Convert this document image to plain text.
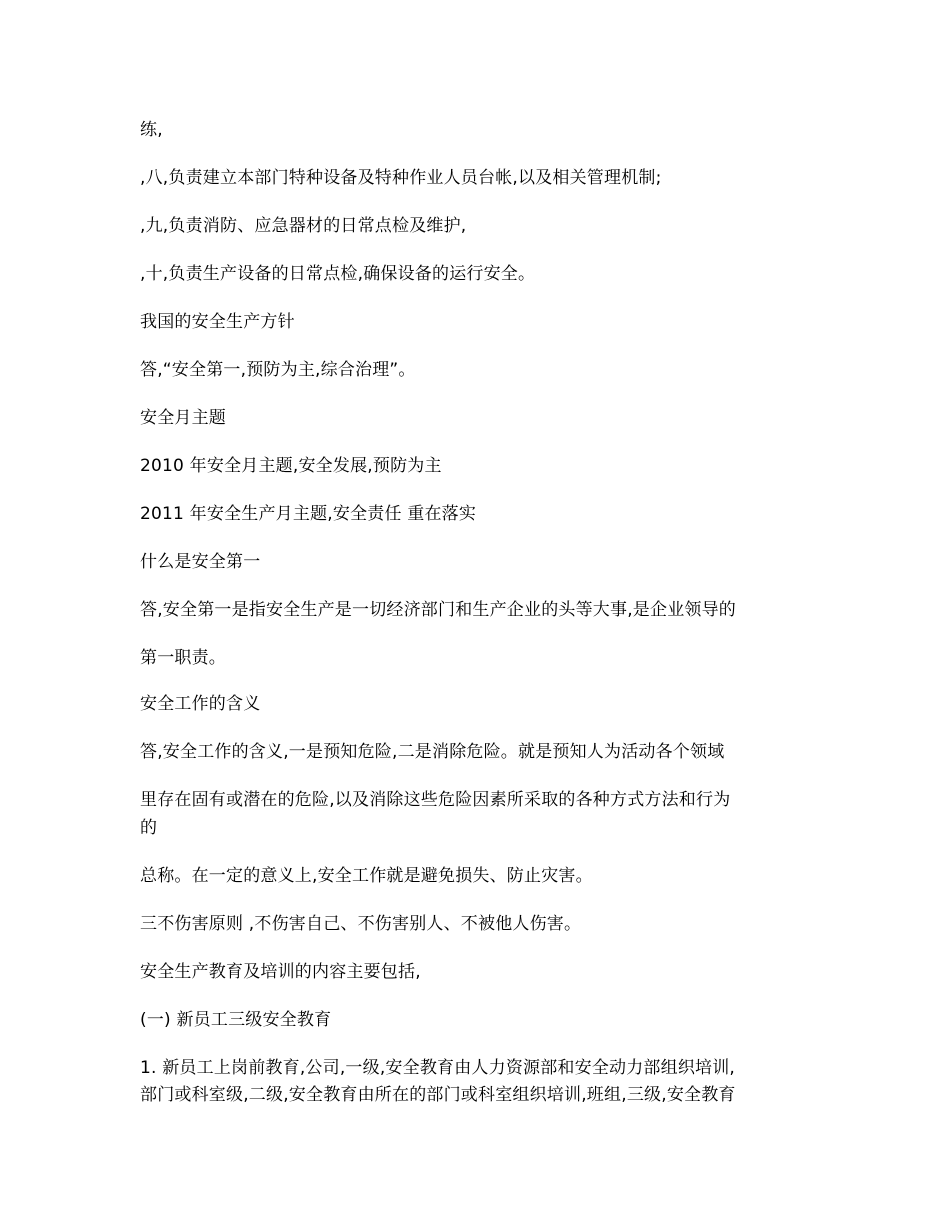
练,

,八,负责建立本部门特种设备及特种作业人员台帐,以及相关管理机制;

,九,负责消防、应急器材的日常点检及维护,

,十,负责生产设备的日常点检,确保设备的运行安全。

我国的安全生产方针

答,“安全第一,预防为主,综合治理”。

安全月主题

2010 年安全月主题,安全发展,预防为主

2011 年安全生产月主题,安全责任 重在落实

什么是安全第一

答,安全第一是指安全生产是一切经济部门和生产企业的头等大事,是企业领导的

第一职责。

安全工作的含义

答,安全工作的含义,一是预知危险,二是消除危险。就是预知人为活动各个领域

里存在固有或潜在的危险,以及消除这些危险因素所采取的各种方式方法和行为

的

总称。在一定的意义上,安全工作就是避免损失、防止灾害。

三不伤害原则 ,不伤害自己、不伤害别人、不被他人伤害。

安全生产教育及培训的内容主要包括,

(一) 新员工三级安全教育

1. 新员工上岗前教育,公司,一级,安全教育由人力资源部和安全动力部组织培训,

部门或科室级,二级,安全教育由所在的部门或科室组织培训,班组,三级,安全教育
